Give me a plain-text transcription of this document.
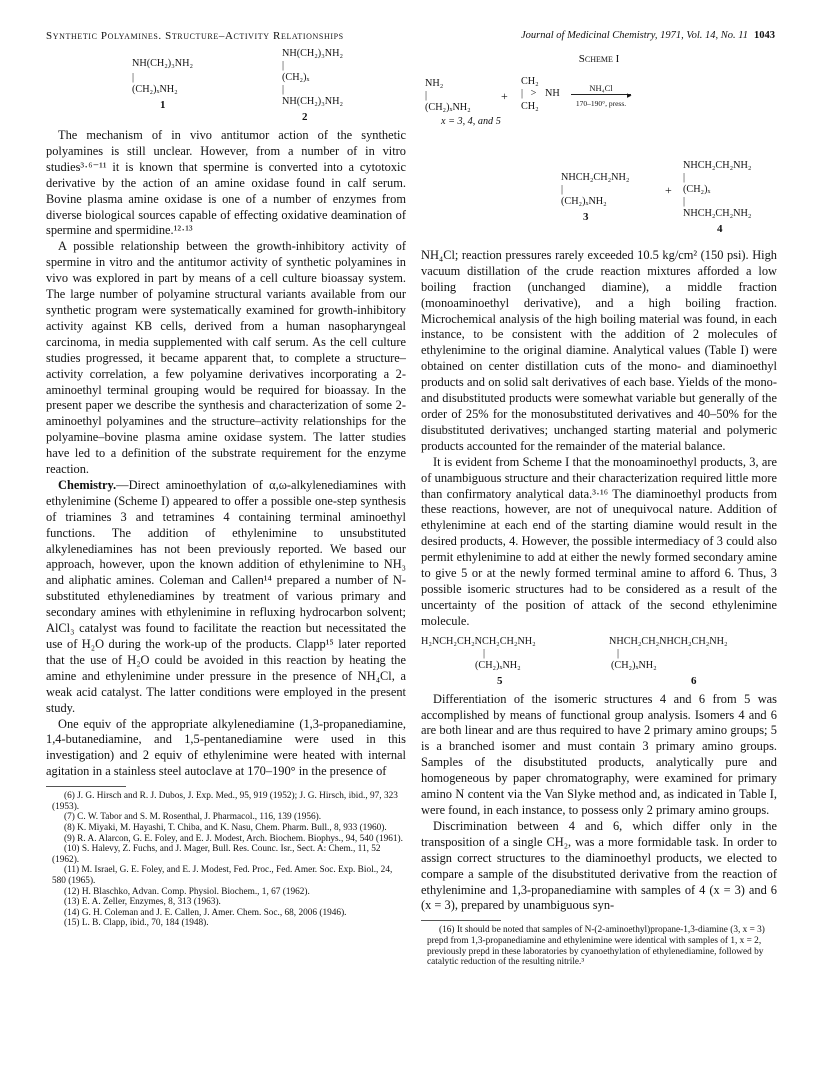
Synthetic Polyamines. Structure–Activity Relationships	Journal of Medicinal Chemistry, 1971, Vol. 14, No. 11 1043
NH(CH₂)₃NH₂
|
(CH₂)ₓNH₂
1
NH(CH₂)₃NH₂
|
(CH₂)ₓ
|
NH(CH₂)₃NH₂
2

The mechanism of in vivo antitumor action of the synthetic polyamines is still unclear. However, from a number of in vitro studies³·⁶⁻¹¹ it is known that spermine is converted into a cytotoxic derivative by the action of an amine oxidase found in calf serum. Bovine plasma amine oxidase is one of a number of enzymes from diverse biological sources capable of effecting oxidative deamination of spermine and spermidine.¹²·¹³

A possible relationship between the growth-inhibitory activity of spermine in vitro and the antitumor activity of synthetic polyamines in vivo was explored in part by means of a cell culture bioassay system. The large number of polyamine structural variants available from our synthetic program were systematically examined for growth-inhibitory activity against KB cells, derived from a human nasopharyngeal carcinoma, in media supplemented with calf serum. As the cell culture studies progressed, it became apparent that, to complete a structure–activity correlation, a few polyamine derivatives incorporating a 2-aminoethyl terminal grouping would be required for bioassay. In the present paper we describe the synthesis and characterization of some 2-aminoethyl polyamines and the structure–activity relationships for the polyamine–bovine plasma amine oxidase system. The latter studies have led to a definition of the substrate requirement for the enzyme reaction.

Chemistry.—Direct aminoethylation of α,ω-alkylenediamines with ethylenimine (Scheme I) appeared to offer a possible one-step synthesis of triamines 3 and tetramines 4 containing terminal aminoethyl functions. The addition of ethylenimine to unsubstituted alkylenediamines has not been previously reported. We based our approach, however, upon the known addition of ethylenimine to NH₃ and aliphatic amines. Coleman and Callen¹⁴ prepared a number of N-substituted ethylenediamines by treatment of various primary and secondary amines with ethylenimine in refluxing hydrocarbon solvent; AlCl₃ catalyst was found to facilitate the reaction but necessitated the use of H₂O during the work-up of the products. Clapp¹⁵ later reported that the use of H₂O could be avoided in this reaction by heating the amine and ethylenimine under pressure in the presence of NH₄Cl, a weak acid catalyst. The latter conditions were employed in the present study.

One equiv of the appropriate alkylenediamine (1,3-propanediamine, 1,4-butanediamine, and 1,5-pentanediamine were used in this investigation) and 2 equiv of ethylenimine were heated with internal agitation in a stainless steel autoclave at 170–190° in the presence of

(6) J. G. Hirsch and R. J. Dubos, J. Exp. Med., 95, 919 (1952); J. G. Hirsch, ibid., 97, 323 (1953).

(7) C. W. Tabor and S. M. Rosenthal, J. Pharmacol., 116, 139 (1956).

(8) K. Miyaki, M. Hayashi, T. Chiba, and K. Nasu, Chem. Pharm. Bull., 8, 933 (1960).

(9) R. A. Alarcon, G. E. Foley, and E. J. Modest, Arch. Biochem. Biophys., 94, 540 (1961).

(10) S. Halevy, Z. Fuchs, and J. Mager, Bull. Res. Counc. Isr., Sect. A: Chem., 11, 52 (1962).

(11) M. Israel, G. E. Foley, and E. J. Modest, Fed. Proc., Fed. Amer. Soc. Exp. Biol., 24, 580 (1965).

(12) H. Blaschko, Advan. Comp. Physiol. Biochem., 1, 67 (1962).

(13) E. A. Zeller, Enzymes, 8, 313 (1963).

(14) G. H. Coleman and J. E. Callen, J. Amer. Chem. Soc., 68, 2006 (1946).

(15) L. B. Clapp, ibid., 70, 184 (1948).

Scheme I
NH₂
|
(CH₂)ₓNH₂
+
CH₂
|   > NH
CH₂
NH₄Cl
▸
170–190°, press.
x = 3, 4, and 5
NHCH₂CH₂NH₂
|
(CH₂)ₓNH₂
3
+
NHCH₂CH₂NH₂
|
(CH₂)ₓ
|
NHCH₂CH₂NH₂
4

NH₄Cl; reaction pressures rarely exceeded 10.5 kg/cm² (150 psi). High vacuum distillation of the crude reaction mixtures afforded a low boiling fraction (unchanged diamine), a middle fraction (monoaminoethyl derivative), and a high boiling fraction. Microchemical analysis of the high boiling material was found, in each instance, to be consistent with the addition of 2 molecules of ethylenimine to the original diamine. Analytical values (Table I) were obtained on center distillation cuts of the mono- and diaminoethyl products and on solid salt derivatives of each base. Yields of the mono- and disubstituted products were somewhat variable but generally of the order of 25% for the monosubstituted derivatives and 40–50% for the disubstituted derivatives; unchanged starting material and polymeric products accounted for the remainder of the material balance.

It is evident from Scheme I that the monoaminoethyl products, 3, are of unambiguous structure and their characterization required little more than confirmatory analytical data.³·¹⁶ The diaminoethyl products from these reactions, however, are not of unequivocal nature. Addition of ethylenimine at each end of the starting diamine would result in the desired products, 4. However, the possible intermediacy of 3 could also permit ethylenimine to add at either the newly formed secondary amine to give 5 or at the newly formed terminal amine to afford 6. Thus, 3 possible isomeric structures had to be considered as a result of the uncertainty of the position of attack of the second ethylenimine molecule.

H₂NCH₂CH₂NCH₂CH₂NH₂
|
(CH₂)ₓNH₂
5
NHCH₂CH₂NHCH₂CH₂NH₂
|
(CH₂)ₓNH₂
6

Differentiation of the isomeric structures 4 and 6 from 5 was accomplished by means of functional group analysis. Isomers 4 and 6 are both linear and are thus required to have 2 primary amino groups; 5 is a branched isomer and must contain 3 primary amino groups. Samples of the disubstituted products, analytically pure and homogeneous by paper chromatography, were examined for primary amino N content via the Van Slyke method and, as indicated in Table I, were found, in each instance, to possess only 2 primary amino groups.

Discrimination between 4 and 6, which differ only in the transposition of a single CH₂, was a more formidable task. In order to assign correct structures to the diaminoethyl products, we elected to compare a sample of the disubstituted derivative from the reaction of ethylenimine and 1,3-propanediamine with samples of 4 (x = 3) and 6 (x = 3), prepared by unambiguous syn-

(16) It should be noted that samples of N-(2-aminoethyl)propane-1,3-diamine (3, x = 3) prepd from 1,3-propanediamine and ethylenimine were identical with samples of 1, x = 2, previously prepd in these laboratories by cyanoethylation of ethylenediamine, followed by catalytic reduction of the resulting nitrile.³
